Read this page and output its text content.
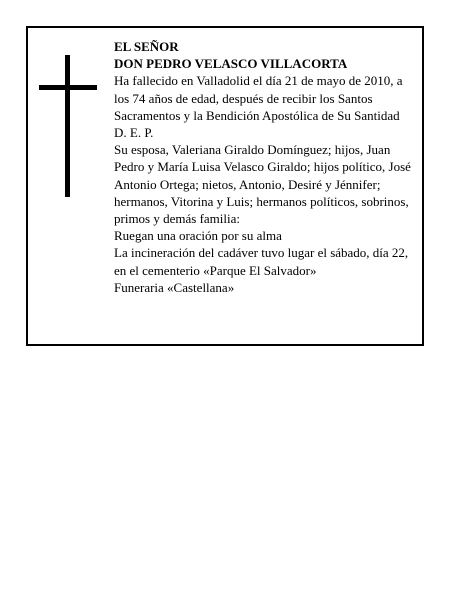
EL SEÑOR

DON PEDRO VELASCO VILLACORTA

Ha fallecido en Valladolid el día 21 de mayo de 2010, a los 74 años de edad, después de recibir los Santos Sacramentos y la Bendición Apostólica de Su Santidad

D. E. P.

Su esposa, Valeriana Giraldo Domínguez; hijos, Juan Pedro y María Luisa Velasco Giraldo; hijos político, José Antonio Ortega; nietos, Antonio, Desiré y Jénnifer; hermanos, Vitorina y Luis; hermanos políticos, sobrinos, primos y demás familia:

Ruegan una oración por su alma

La incineración del cadáver tuvo lugar el sábado, día 22, en el cementerio «Parque El Salvador»

Funeraria «Castellana»
